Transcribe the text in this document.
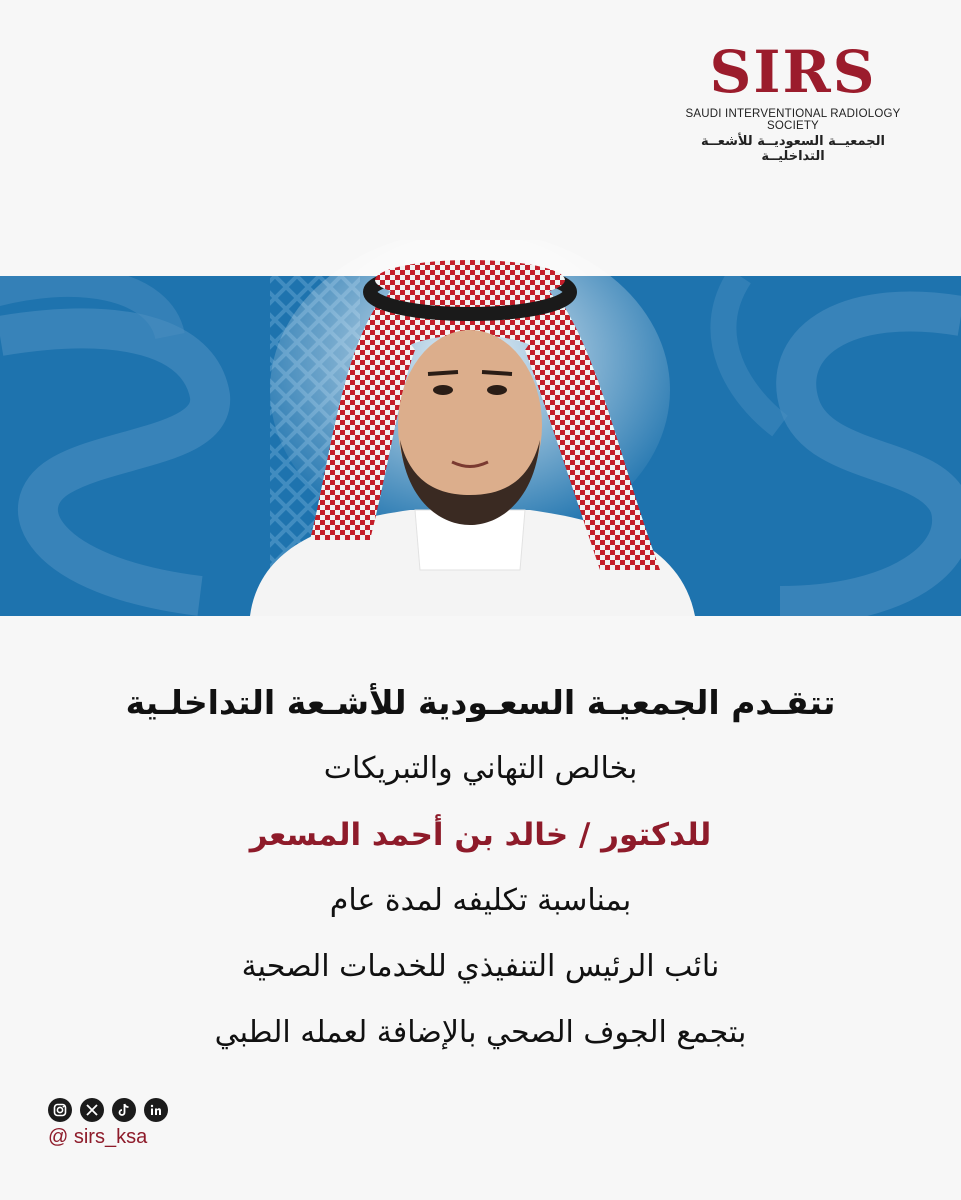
SIRS
SAUDI INTERVENTIONAL RADIOLOGY SOCIETY
الجمعيــة السعوديــة للأشعــة التداخليــة
تتقـدم الجمعيـة السعـودية للأشـعة التداخلـية
بخالص التهاني والتبريكات
للدكتور / خالد بن أحمد المسعر
بمناسبة تكليفه لمدة عام
نائب الرئيس التنفيذي للخدمات الصحية
بتجمع الجوف الصحي بالإضافة لعمله الطبي
@ sirs_ksa
